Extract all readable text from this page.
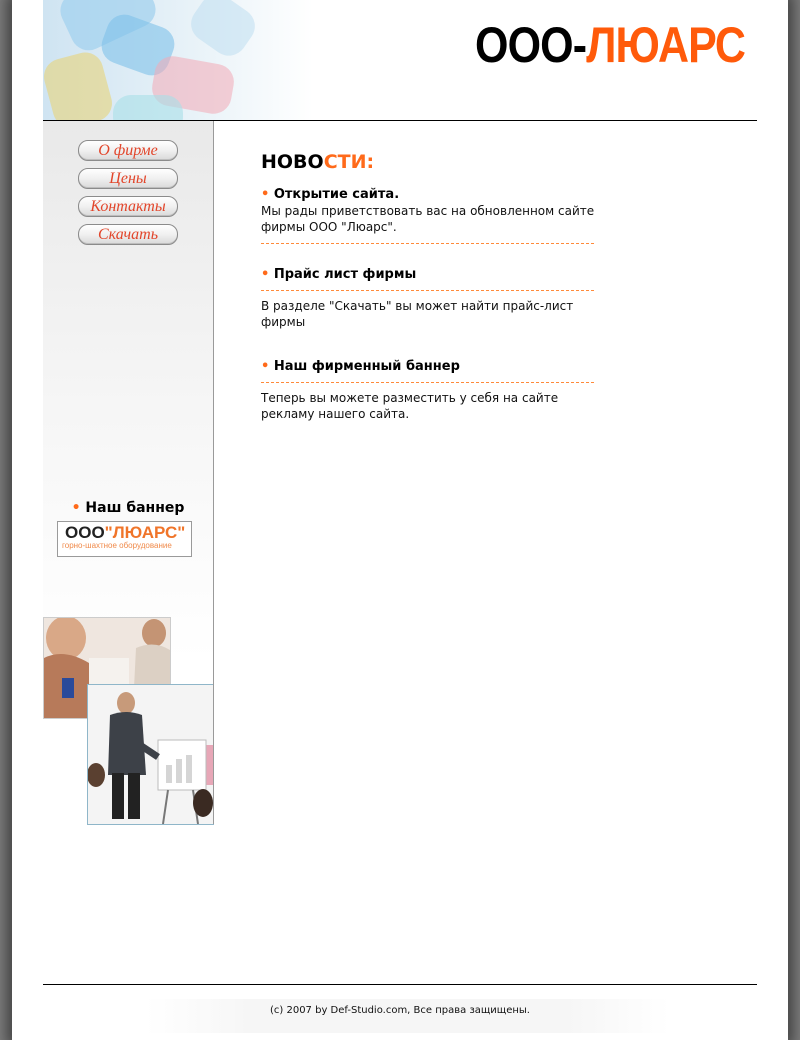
ООО-ЛЮАРС
О фирме
Цены
Контакты
Скачать
• Наш баннер
ООО"ЛЮАРС"
горно-шахтное оборудование
НОВОСТИ:
• Открытие сайта.
Мы рады приветствовать вас на обновленном сайте фирмы ООО "Люарс".
• Прайс лист фирмы
В разделе "Скачать" вы может найти прайс-лист фирмы
• Наш фирменный баннер
Теперь вы можете разместить у себя на сайте рекламу нашего сайта.
(c) 2007 by Def-Studio.com, Все права защищены.
